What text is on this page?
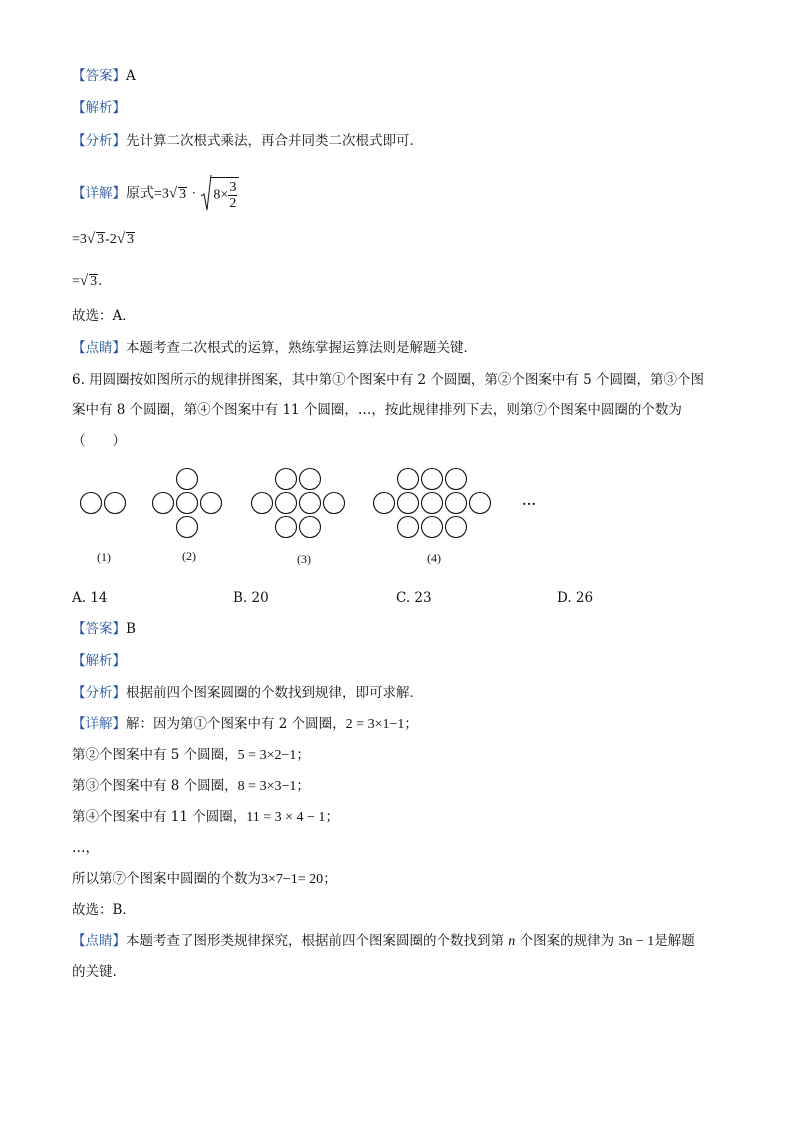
【答案】A
【解析】
【分析】先计算二次根式乘法，再合并同类二次根式即可．
【详解】原式=3√ $3 \cdot 8\times \frac{3}{2}$
=3√ 3-2√ 3
=√ 3．
故选：A．
【点睛】本题考查二次根式的运算，熟练掌握运算法则是解题关键．
6. 用圆圈按如图所示的规律拼图案，其中第①个图案中有 2 个圆圈，第②个图案中有 5 个圆圈，第③个图
案中有 8 个圆圈，第④个图案中有 11 个圆圈，…，按此规律排列下去，则第⑦个图案中圆圈的个数为
（　　）
…
(1)	(2)	(3)	(4)
A. 14	B. 20	C. 23	D. 26
【答案】B
【解析】
【分析】根据前四个图案圆圈的个数找到规律，即可求解．
【详解】解：因为第①个图案中有 2 个圆圈，2 = 3×1−1；
第②个图案中有 5 个圆圈，5 = 3×2−1；
第③个图案中有 8 个圆圈，8 = 3×3−1；
第④个图案中有 11 个圆圈，11 = 3 × 4 − 1；
…，
所以第⑦个图案中圆圈的个数为3×7−1= 20；
故选：B．
【点睛】本题考查了图形类规律探究，根据前四个图案圆圈的个数找到第 n 个图案的规律为 3n − 1是解题
的关键.
